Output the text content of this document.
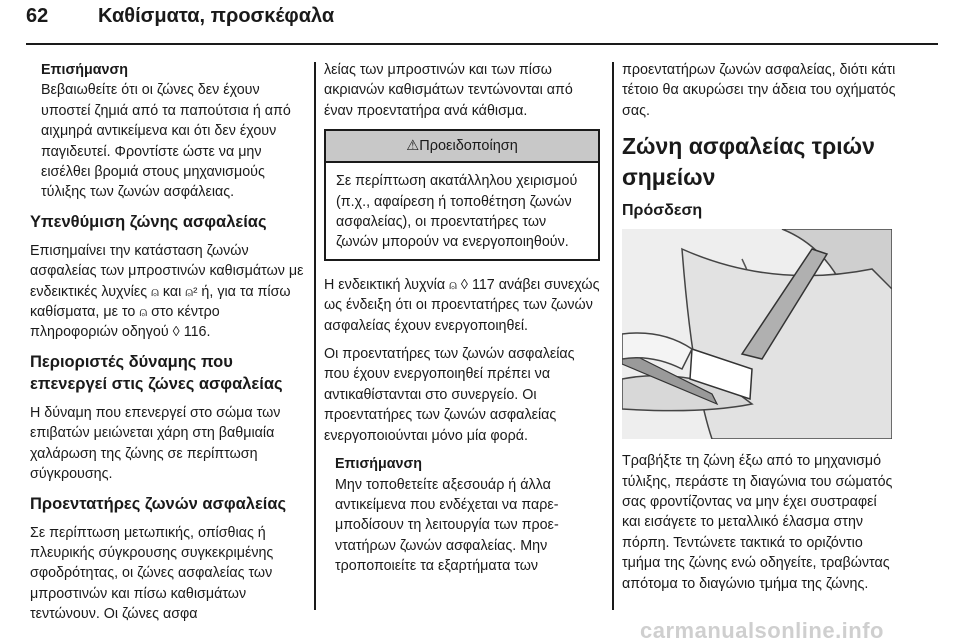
62 Καθίσματα, προσκέφαλα

Επισήμανση

Βεβαιωθείτε ότι οι ζώνες δεν έχουν υποστεί ζημιά από τα παπούτσια ή από αιχμηρά αντικείμενα και ότι δεν έχουν παγιδευτεί. Φροντίστε ώστε να μην εισέλθει βρομιά στους μηχανισμούς τύλιξης των ζωνών ασφάλειας.

Υπενθύμιση ζώνης ασφαλείας

Επισημαίνει την κατάσταση ζωνών ασφαλείας των μπροστινών καθισμάτων με ενδεικτικές λυχνίες ⍝ και ⍝² ή, για τα πίσω καθίσματα, με το ⍝ στο κέντρο πληροφοριών οδηγού ◊ 116.

Περιοριστές δύναμης που επενεργεί στις ζώνες ασφαλείας

Η δύναμη που επενεργεί στο σώμα των επιβατών μειώνεται χάρη στη βαθμιαία χαλάρωση της ζώνης σε περίπτωση σύγκρουσης.

Προεντατήρες ζωνών ασφαλείας

Σε περίπτωση μετωπικής, οπίσθιας ή πλευρικής σύγκρουσης συγκεκριμένης σφοδρότητας, οι ζώνες ασφαλείας των μπροστινών και πίσω καθισμάτων τεντώνουν. Οι ζώνες ασφα

λείας των μπροστινών και των πίσω ακριανών καθισμάτων τεντώνονται από έναν προεντατήρα ανά κάθισμα.

⚠ Προειδοποίηση

Σε περίπτωση ακατάλληλου χειρισμού (π.χ., αφαίρεση ή τοποθέτηση ζωνών ασφαλείας), οι προεντατήρες των ζωνών μπορούν να ενεργοποιηθούν.

Η ενδεικτική λυχνία ⍝ ◊ 117 ανάβει συνεχώς ως ένδειξη ότι οι προεντατήρες των ζωνών ασφαλείας έχουν ενεργοποιηθεί.

Οι προεντατήρες των ζωνών ασφαλείας που έχουν ενεργοποιηθεί πρέπει να αντικαθίστανται στο συνεργείο. Οι προεντατήρες των ζωνών ασφαλείας ενεργοποιούνται μόνο μία φορά.

Επισήμανση

Μην τοποθετείτε αξεσουάρ ή άλλα αντικείμενα που ενδέχεται να παρεμποδίσουν τη λειτουργία των προεντατήρων ζωνών ασφαλείας. Μην τροποποιείτε τα εξαρτήματα των

προεντατήρων ζωνών ασφαλείας, διότι κάτι τέτοιο θα ακυρώσει την άδεια του οχήματός σας.

Ζώνη ασφαλείας τριών σημείων
Πρόσδεση

Τραβήξτε τη ζώνη έξω από το μηχανισμό τύλιξης, περάστε τη διαγώνια του σώματός σας φροντίζοντας να μην έχει συστραφεί και εισάγετε το μεταλλικό έλασμα στην πόρπη. Τεντώνετε τακτικά το οριζόντιο τμήμα της ζώνης ενώ οδηγείτε, τραβώντας απότομα το διαγώνιο τμήμα της ζώνης.

carmanualsonline.info
